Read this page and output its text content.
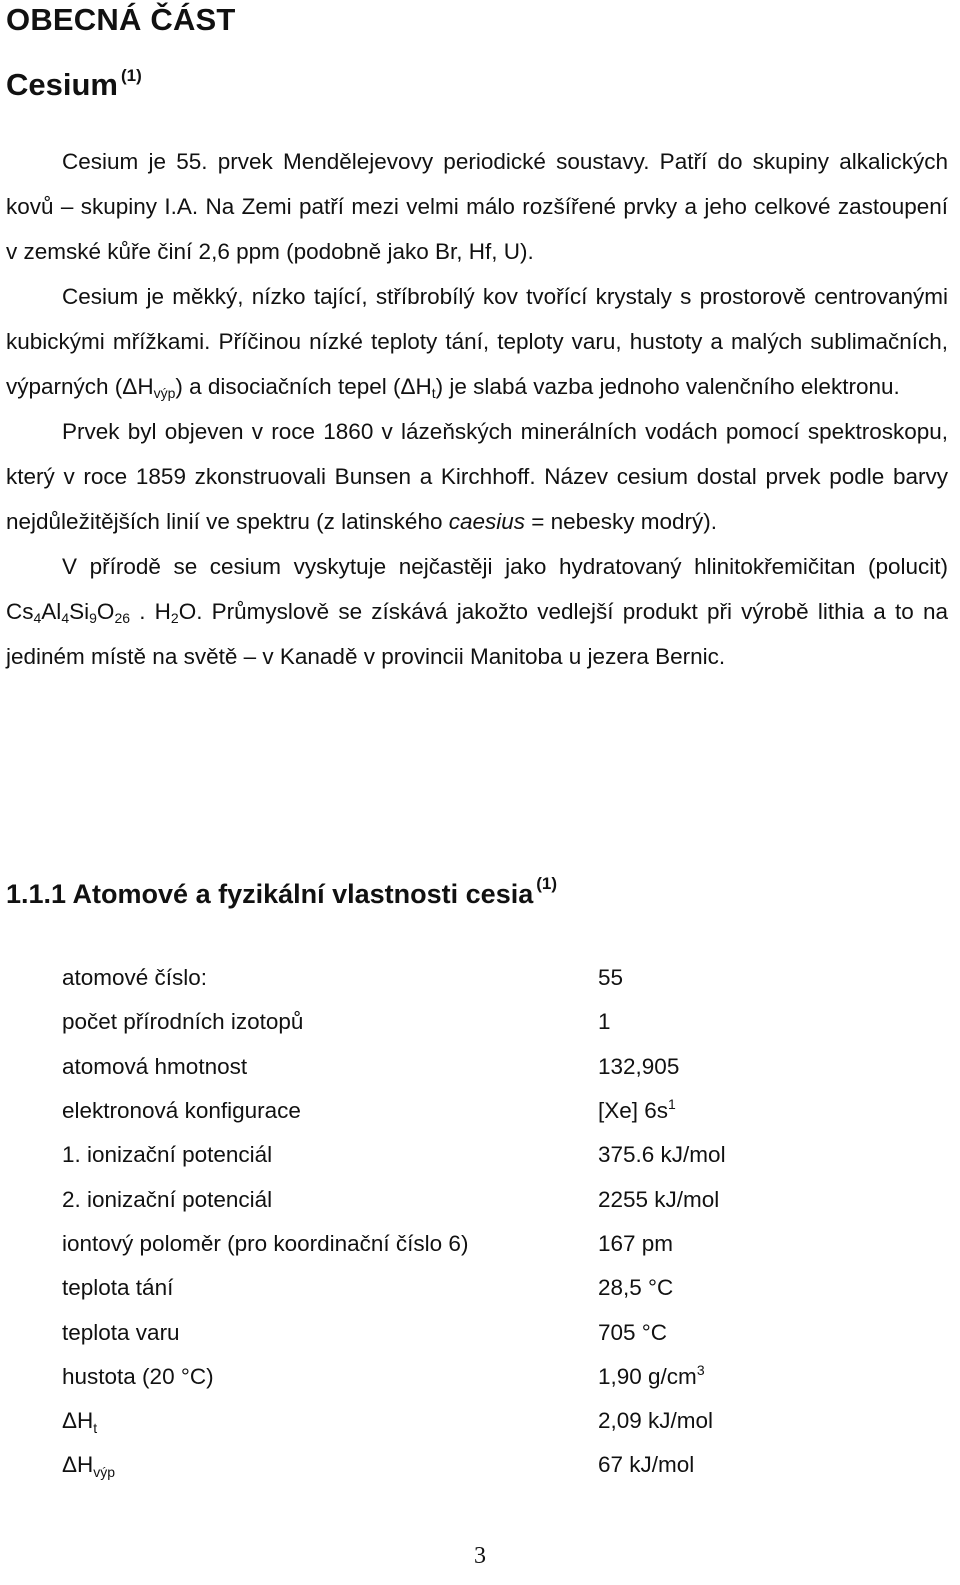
OBECNÁ ČÁST
Cesium $^{(1)}$

Cesium je 55. prvek Mendělejevovy periodické soustavy. Patří do skupiny alkalických kovů – skupiny I.A. Na Zemi patří mezi velmi málo rozšířené prvky a jeho celkové zastoupení v zemské kůře činí 2,6 ppm (podobně jako Br, Hf, U).

Cesium je měkký, nízko tající, stříbrobílý kov tvořící krystaly s prostorově centrovanými kubickými mřížkami. Příčinou nízké teploty tání, teploty varu, hustoty a malých sublimačních, výparných $(\Delta H_{výp})$ a disociačních tepel $(\Delta H_t)$ je slabá vazba jednoho valenčního elektronu.

Prvek byl objeven v roce 1860 v lázeňských minerálních vodách pomocí spektroskopu, který v roce 1859 zkonstruovali Bunsen a Kirchhoff. Název cesium dostal prvek podle barvy nejdůležitějších linií ve spektru (z latinského caesius = nebesky modrý).

V přírodě se cesium vyskytuje nejčastěji jako hydratovaný hlinitokřemičitan (polucit) $Cs_4Al_4Si_9O_{26}$ . $H_2O$. Průmyslově se získává jakožto vedlejší produkt při výrobě lithia a to na jediném místě na světě – v Kanadě v provincii Manitoba u jezera Bernic.

1.1.1 Atomové a fyzikální vlastnosti cesia $^{(1)}$
atomové číslo:	55
počet přírodních izotopů	1
atomová hmotnost	132,905
elektronová konfigurace	[Xe] $6s^1$
1. ionizační potenciál	375.6 kJ/mol
2. ionizační potenciál	2255 kJ/mol
iontový poloměr (pro koordinační číslo 6)	167 pm
teplota tání	28,5 °C
teplota varu	705 °C
hustota (20 °C)	1,90 $g/cm^3$
$\Delta H_t$	2,09 kJ/mol
$\Delta H_{výp}$	67 kJ/mol
3
